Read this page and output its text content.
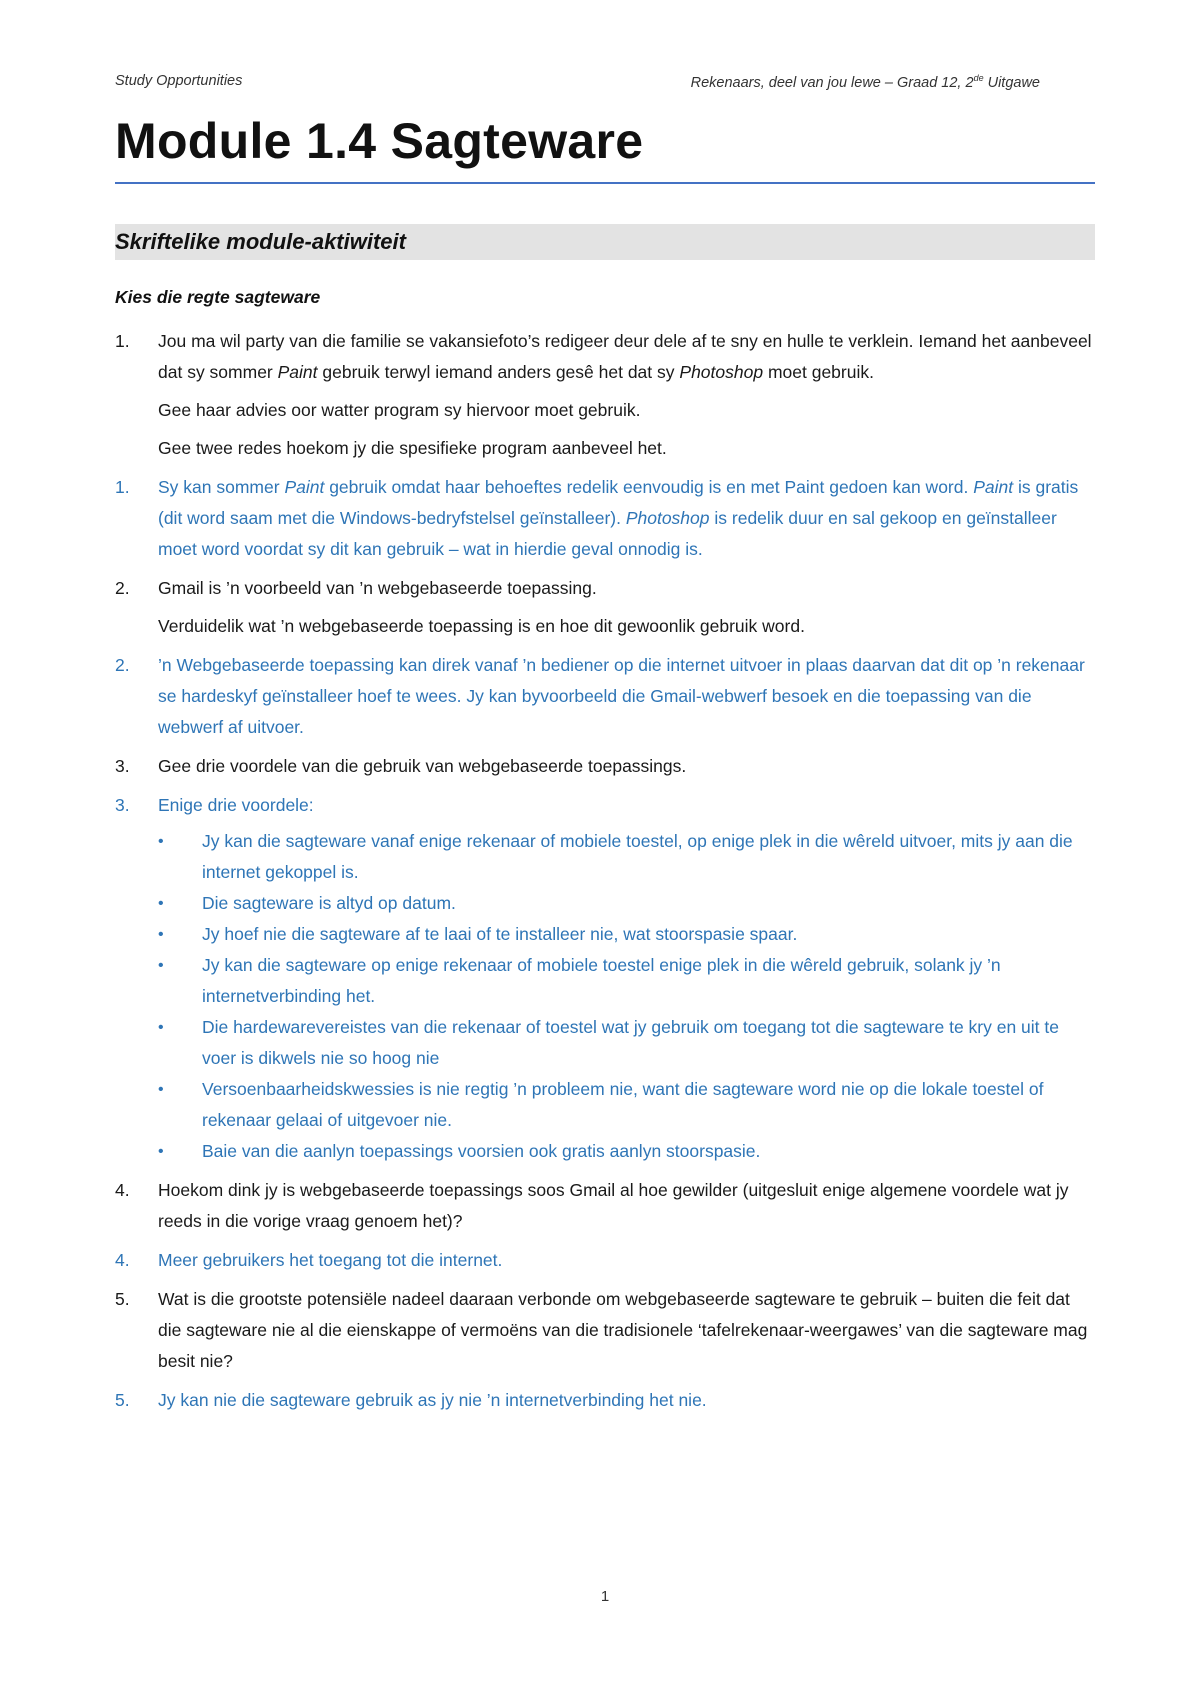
Study Opportunities	Rekenaars, deel van jou lewe – Graad 12, 2de Uitgawe
Module 1.4 Sagteware
Skriftelike module-aktiwiteit
Kies die regte sagteware
1. Jou ma wil party van die familie se vakansiefoto’s redigeer deur dele af te sny en hulle te verklein. Iemand het aanbeveel dat sy sommer Paint gebruik terwyl iemand anders gesê het dat sy Photoshop moet gebruik.

Gee haar advies oor watter program sy hiervoor moet gebruik.

Gee twee redes hoekom jy die spesifieke program aanbeveel het.

1. Sy kan sommer Paint gebruik omdat haar behoeftes redelik eenvoudig is en met Paint gedoen kan word. Paint is gratis (dit word saam met die Windows-bedryfstelsel geïnstalleer). Photoshop is redelik duur en sal gekoop en geïnstalleer moet word voordat sy dit kan gebruik – wat in hierdie geval onnodig is.

2. Gmail is ’n voorbeeld van ’n webgebaseerde toepassing.

Verduidelik wat ’n webgebaseerde toepassing is en hoe dit gewoonlik gebruik word.

2. ’n Webgebaseerde toepassing kan direk vanaf ’n bediener op die internet uitvoer in plaas daarvan dat dit op ’n rekenaar se hardeskyf geïnstalleer hoef te wees. Jy kan byvoorbeeld die Gmail-webwerf besoek en die toepassing van die webwerf af uitvoer.

3. Gee drie voordele van die gebruik van webgebaseerde toepassings.

3. Enige drie voordele:

• Jy kan die sagteware vanaf enige rekenaar of mobiele toestel, op enige plek in die wêreld uitvoer, mits jy aan die internet gekoppel is.
• Die sagteware is altyd op datum.
• Jy hoef nie die sagteware af te laai of te installeer nie, wat stoorspasie spaar.
• Jy kan die sagteware op enige rekenaar of mobiele toestel enige plek in die wêreld gebruik, solank jy ’n internetverbinding het.
• Die hardewarevereistes van die rekenaar of toestel wat jy gebruik om toegang tot die sagteware te kry en uit te voer is dikwels nie so hoog nie
• Versoenbaarheidskwessies is nie regtig ’n probleem nie, want die sagteware word nie op die lokale toestel of rekenaar gelaai of uitgevoer nie.
• Baie van die aanlyn toepassings voorsien ook gratis aanlyn stoorspasie.
4. Hoekom dink jy is webgebaseerde toepassings soos Gmail al hoe gewilder (uitgesluit enige algemene voordele wat jy reeds in die vorige vraag genoem het)?

4. Meer gebruikers het toegang tot die internet.

5. Wat is die grootste potensiële nadeel daaraan verbonde om webgebaseerde sagteware te gebruik – buiten die feit dat die sagteware nie al die eienskappe of vermoëns van die tradisionele ‘tafelrekenaar-weergawes’ van die sagteware mag besit nie?

5. Jy kan nie die sagteware gebruik as jy nie ’n internetverbinding het nie.

1
